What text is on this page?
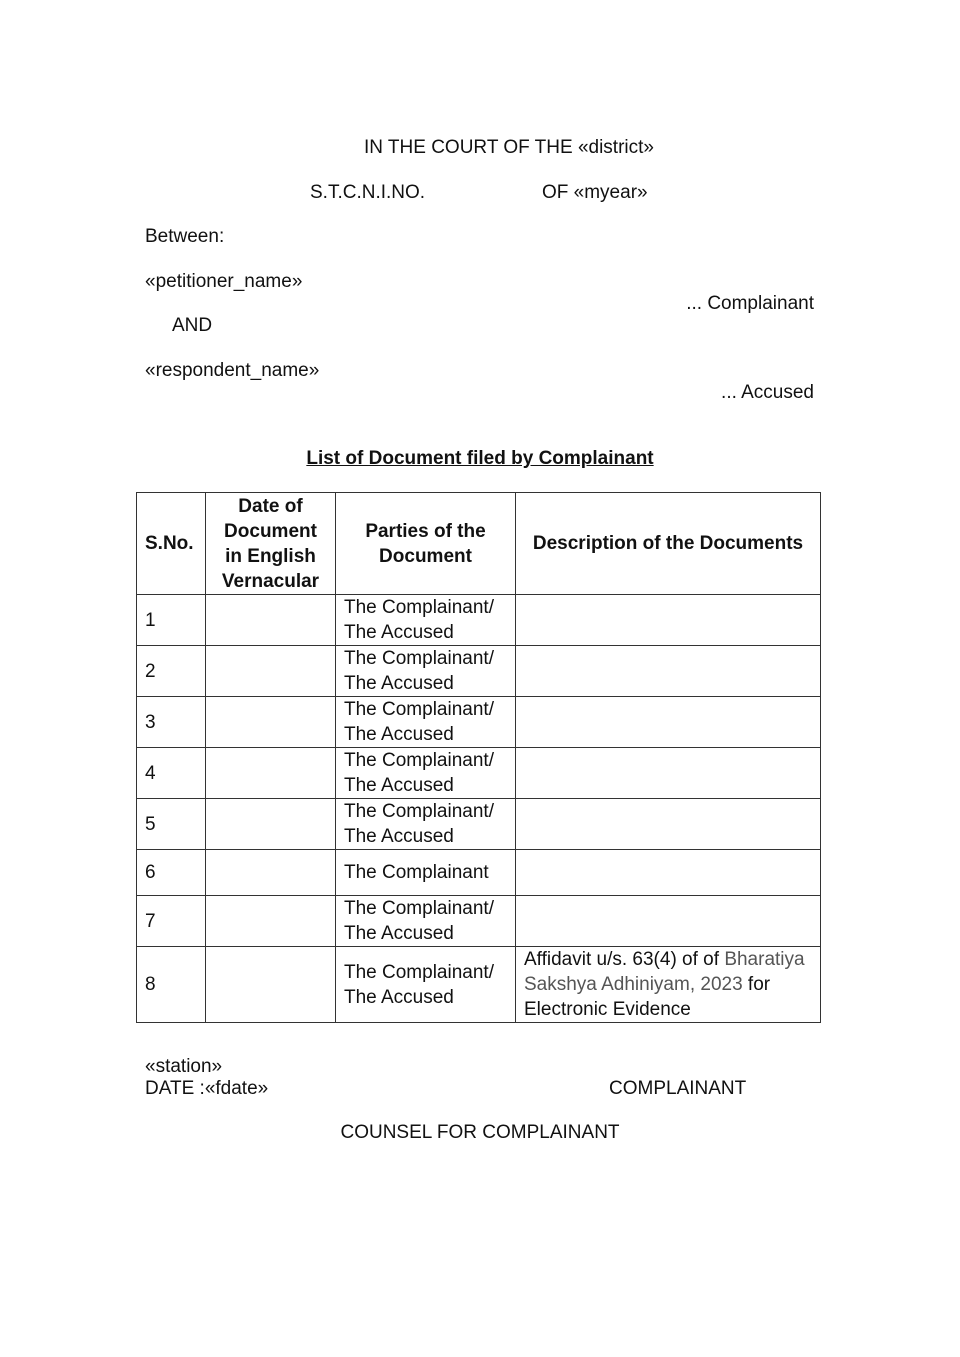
IN THE COURT OF THE «district»
S.T.C.N.I.NO.	OF «myear»
Between:
«petitioner_name»
... Complainant
AND
«respondent_name»
... Accused
List of Document filed by Complainant
S.No.	Date of
Document
in English
Vernacular	Parties of the
Document	Description of the Documents
1		The Complainant/
The Accused	
2		The Complainant/
The Accused	
3		The Complainant/
The Accused	
4		The Complainant/
The Accused	
5		The Complainant/
The Accused	
6		The Complainant	
7		The Complainant/
The Accused	
8		The Complainant/
The Accused	Affidavit u/s. 63(4) of of Bharatiya Sakshya Adhiniyam, 2023 for Electronic Evidence
«station»
DATE :«fdate»	COMPLAINANT
COUNSEL FOR COMPLAINANT
